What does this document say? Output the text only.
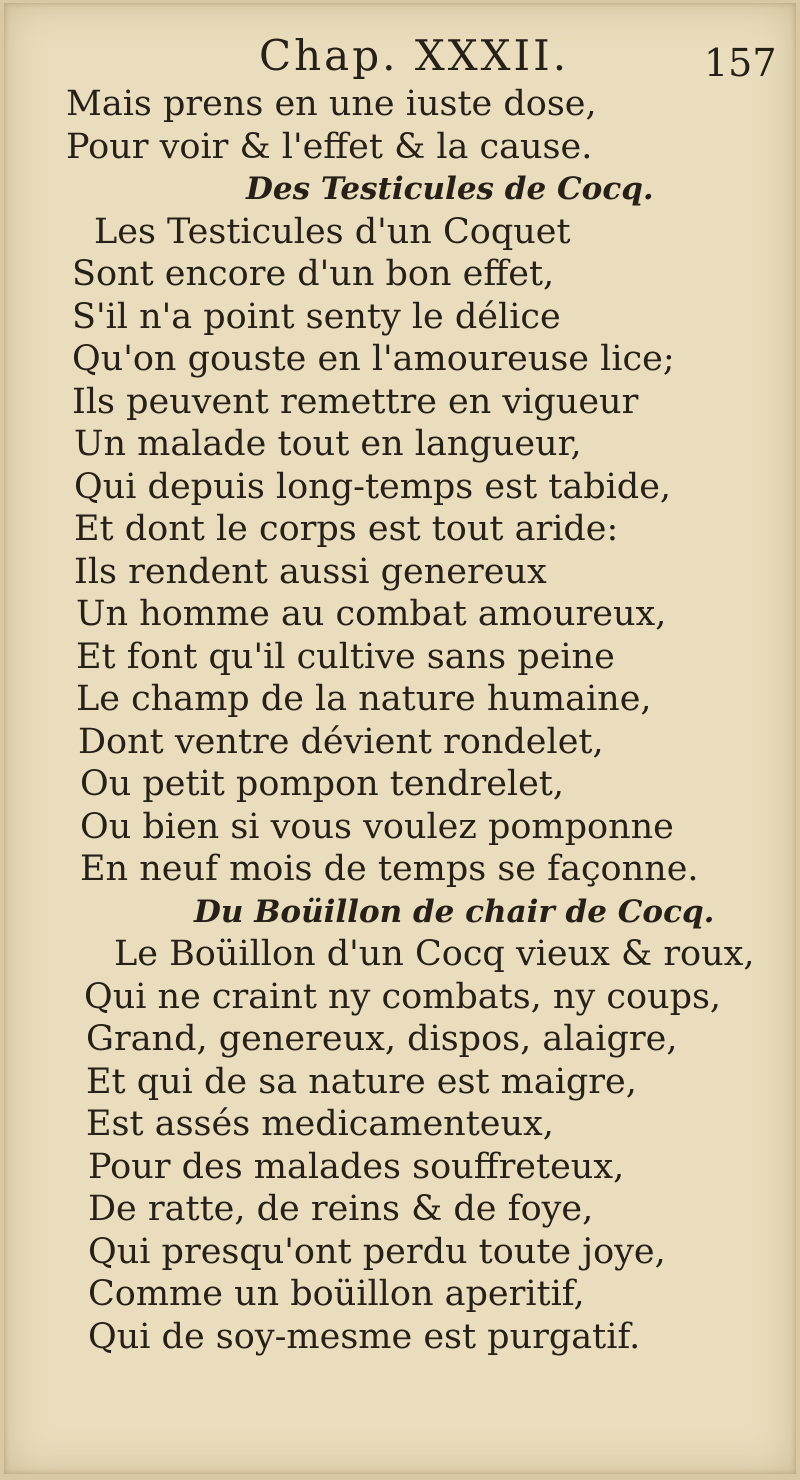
Chap. XXXII.	157
Mais prens en une iuste dose,
Pour voir & l'effet & la cause.
Des Testicules de Cocq.
Les Testicules d'un Coquet
Sont encore d'un bon effet,
S'il n'a point senty le délice
Qu'on gouste en l'amoureuse lice;
Ils peuvent remettre en vigueur
Un malade tout en langueur,
Qui depuis long-temps est tabide,
Et dont le corps est tout aride:
Ils rendent aussi genereux
Un homme au combat amoureux,
Et font qu'il cultive sans peine
Le champ de la nature humaine,
Dont ventre dévient rondelet,
Ou petit pompon tendrelet,
Ou bien si vous voulez pomponne
En neuf mois de temps se façonne.
Du Boüillon de chair de Cocq.
Le Boüillon d'un Cocq vieux & roux,
Qui ne craint ny combats, ny coups,
Grand, genereux, dispos, alaigre,
Et qui de sa nature est maigre,
Est assés medicamenteux,
Pour des malades souffreteux,
De ratte, de reins & de foye,
Qui presqu'ont perdu toute joye,
Comme un boüillon aperitif,
Qui de soy-mesme est purgatif.
